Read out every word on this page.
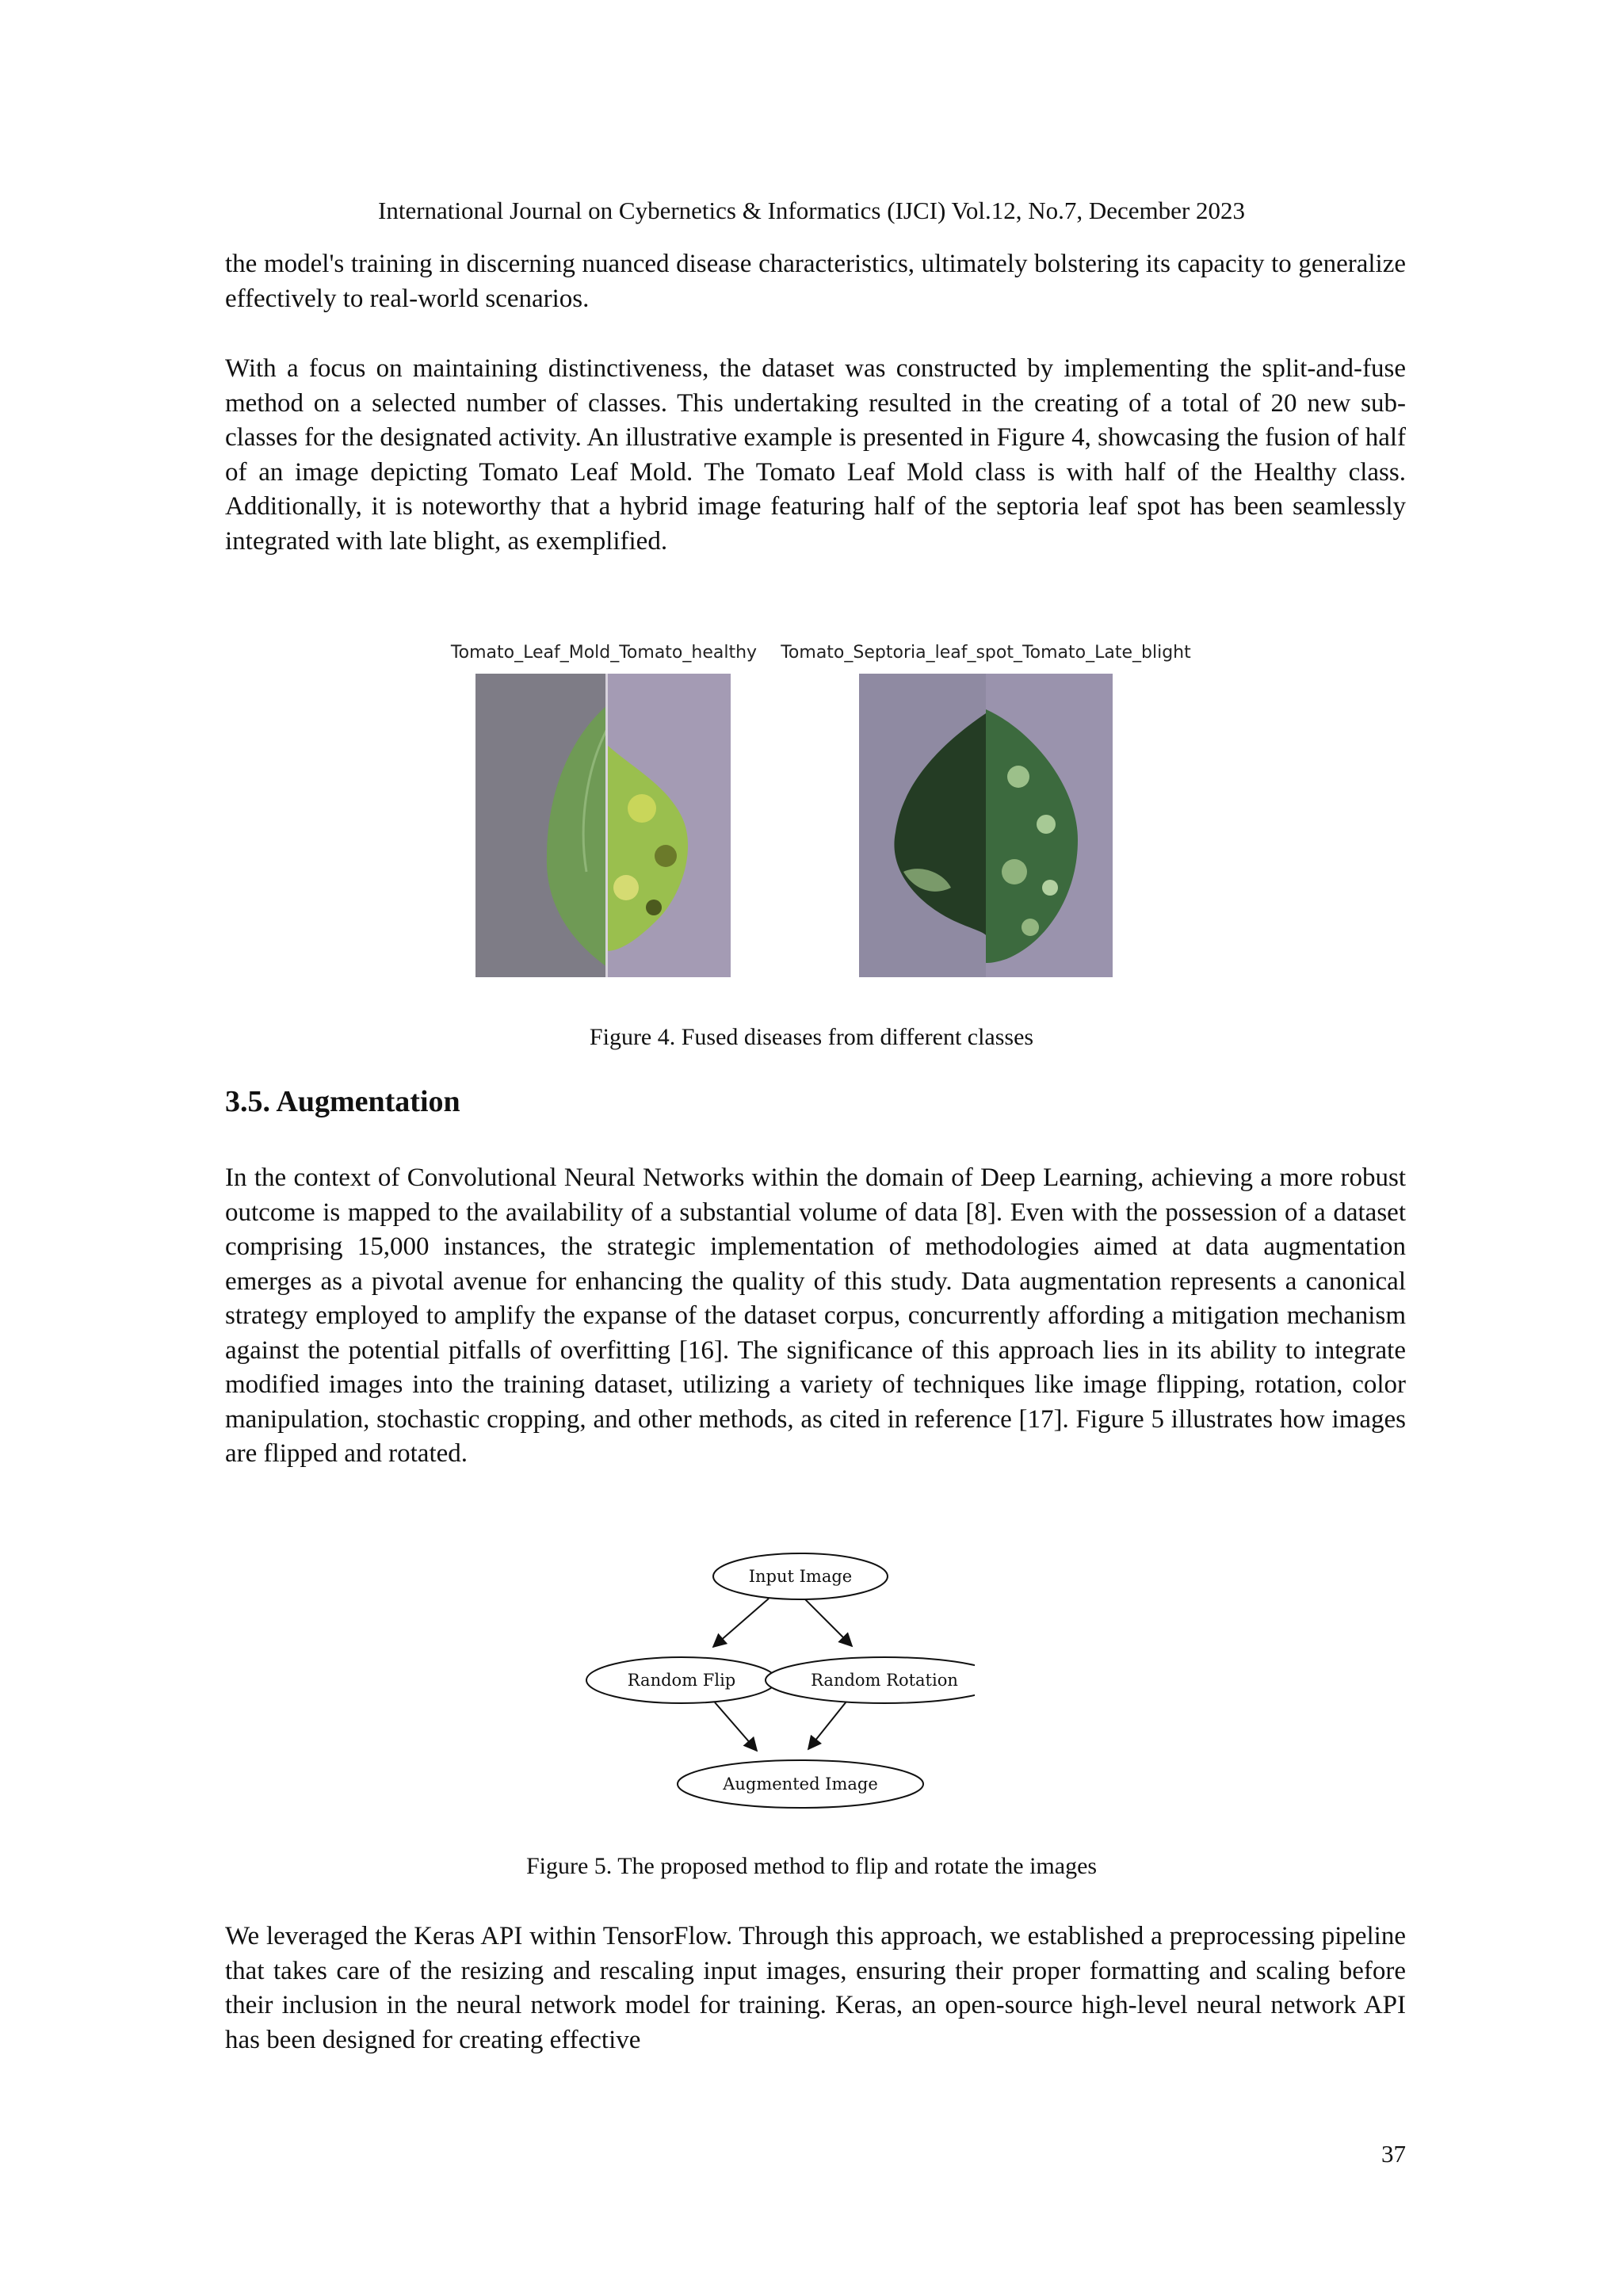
International Journal on Cybernetics & Informatics (IJCI) Vol.12, No.7, December 2023

the model's training in discerning nuanced disease characteristics, ultimately bolstering its capacity to generalize effectively to real-world scenarios.

With a focus on maintaining distinctiveness, the dataset was constructed by implementing the split-and-fuse method on a selected number of classes. This undertaking resulted in the creating of a total of 20 new sub-classes for the designated activity. An illustrative example is presented in Figure 4, showcasing the fusion of half of an image depicting Tomato Leaf Mold. The Tomato Leaf Mold class is with half of the Healthy class. Additionally, it is noteworthy that a hybrid image featuring half of the septoria leaf spot has been seamlessly integrated with late blight, as exemplified.

Tomato_Leaf_Mold_Tomato_healthy Tomato_Septoria_leaf_spot_Tomato_Late_blight
Figure 4. Fused diseases from different classes
3.5. Augmentation

In the context of Convolutional Neural Networks within the domain of Deep Learning, achieving a more robust outcome is mapped to the availability of a substantial volume of data [8]. Even with the possession of a dataset comprising 15,000 instances, the strategic implementation of methodologies aimed at data augmentation emerges as a pivotal avenue for enhancing the quality of this study. Data augmentation represents a canonical strategy employed to amplify the expanse of the dataset corpus, concurrently affording a mitigation mechanism against the potential pitfalls of overfitting [16]. The significance of this approach lies in its ability to integrate modified images into the training dataset, utilizing a variety of techniques like image flipping, rotation, color manipulation, stochastic cropping, and other methods, as cited in reference [17]. Figure 5 illustrates how images are flipped and rotated.

Input Image
Random Flip	Random Rotation
Augmented Image
Figure 5. The proposed method to flip and rotate the images

We leveraged the Keras API within TensorFlow. Through this approach, we established a preprocessing pipeline that takes care of the resizing and rescaling input images, ensuring their proper formatting and scaling before their inclusion in the neural network model for training. Keras, an open-source high-level neural network API has been designed for creating effective

37
